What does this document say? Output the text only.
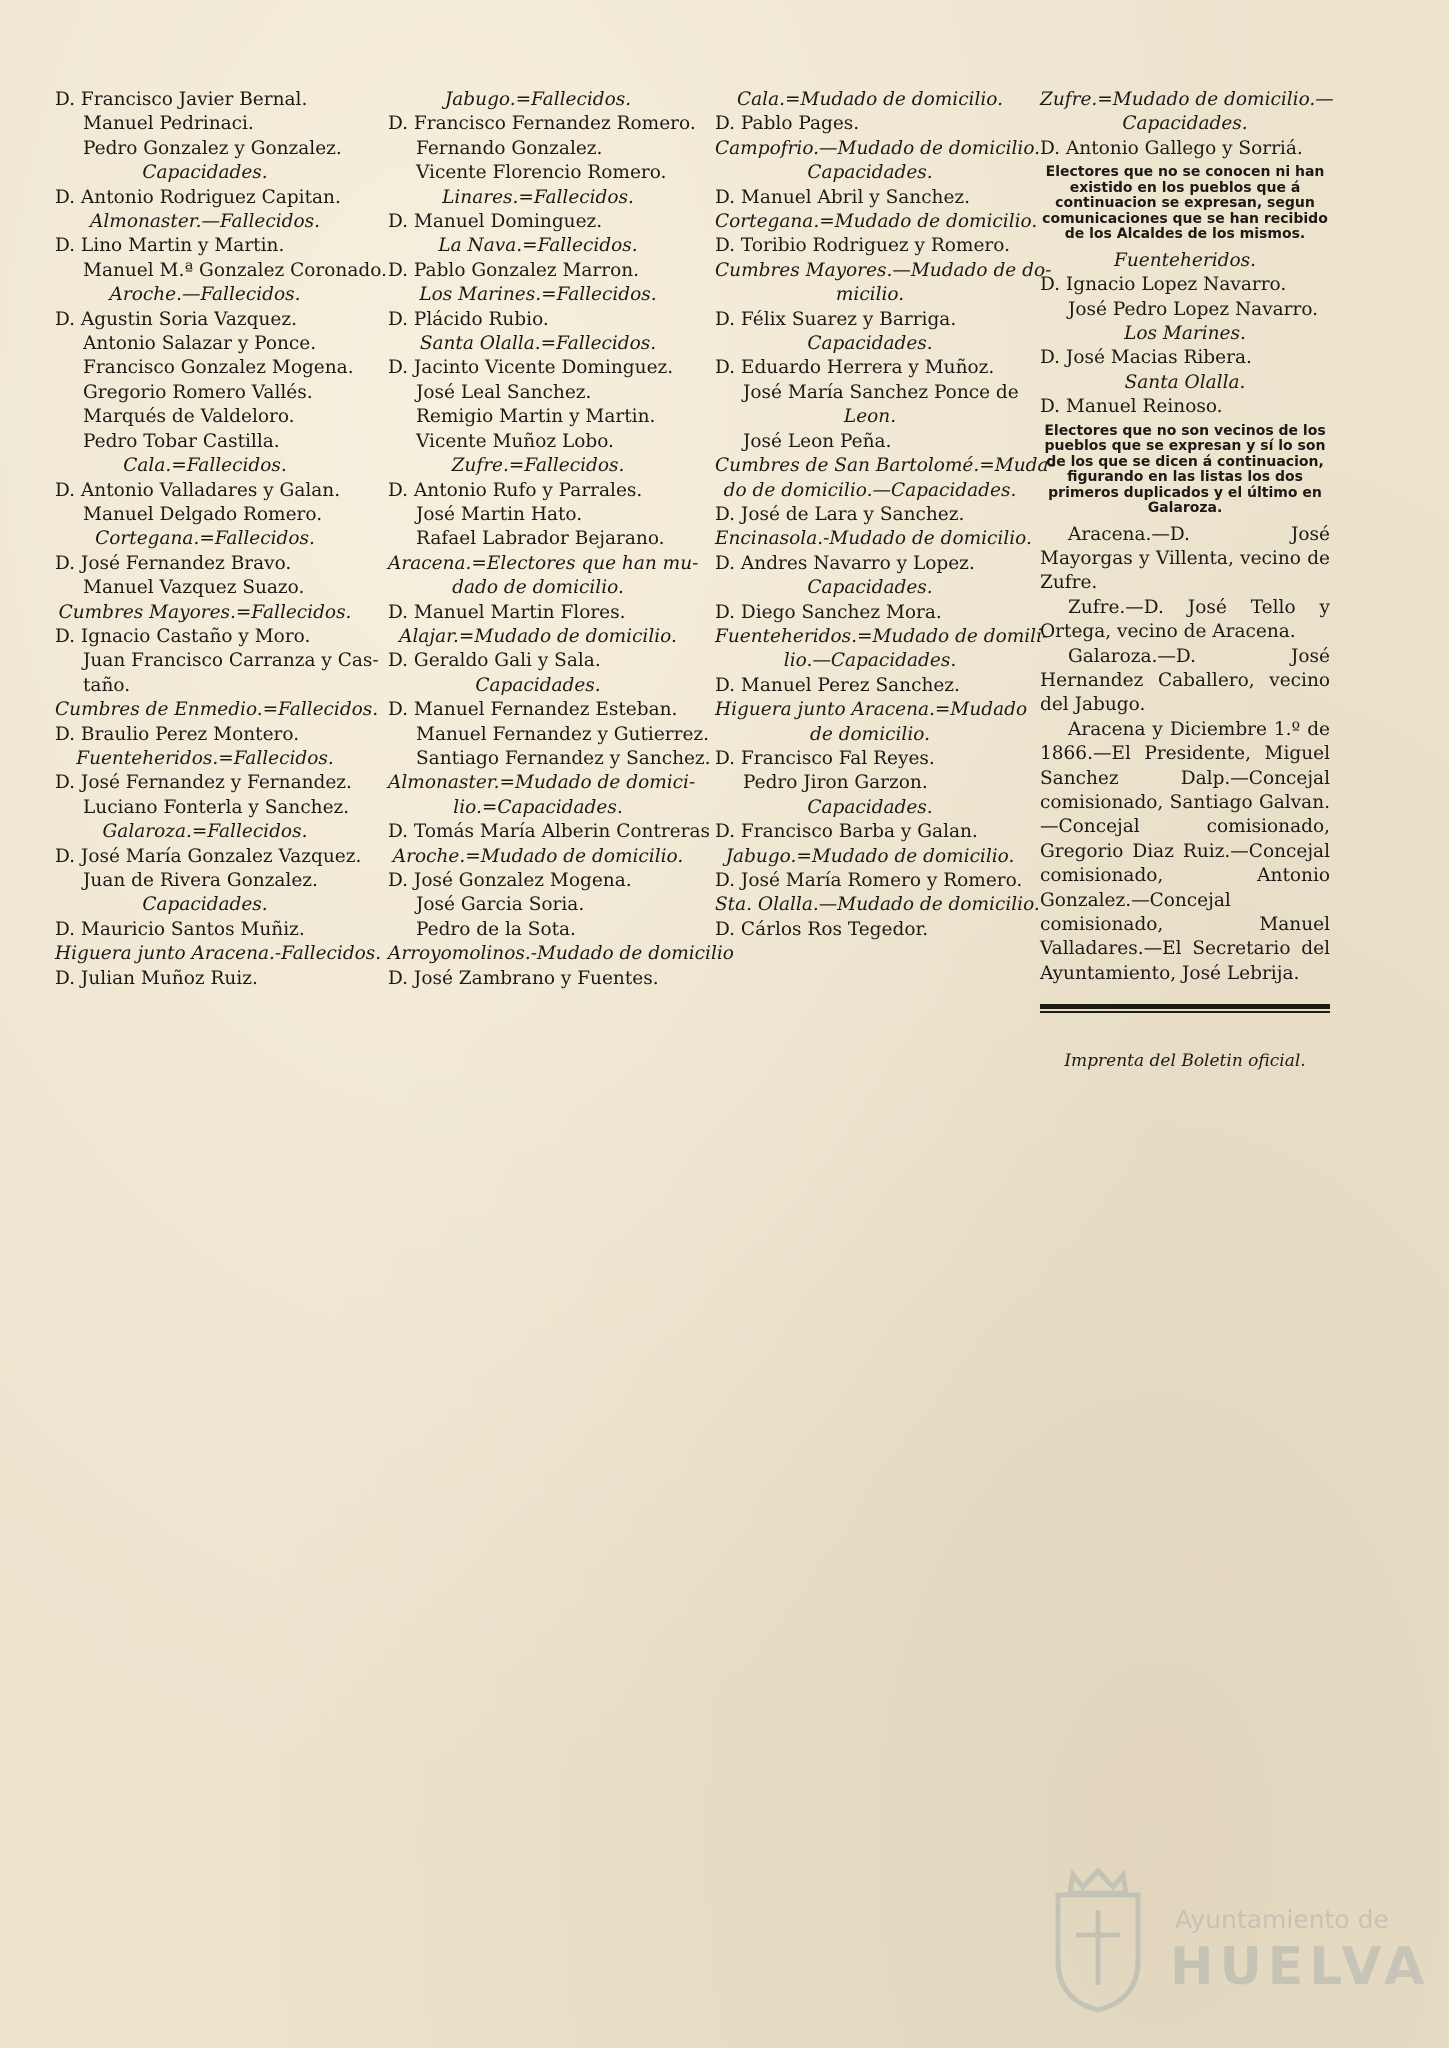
D. Francisco Javier Bernal.

Manuel Pedrinaci.

Pedro Gonzalez y Gonzalez.

Capacidades.

D. Antonio Rodriguez Capitan.

Almonaster.—Fallecidos.

D. Lino Martin y Martin.

Manuel M.ª Gonzalez Coronado.

Aroche.—Fallecidos.

D. Agustin Soria Vazquez.

Antonio Salazar y Ponce.

Francisco Gonzalez Mogena.

Gregorio Romero Vallés.

Marqués de Valdeloro.

Pedro Tobar Castilla.

Cala.=Fallecidos.

D. Antonio Valladares y Galan.

Manuel Delgado Romero.

Cortegana.=Fallecidos.

D. José Fernandez Bravo.

Manuel Vazquez Suazo.

Cumbres Mayores.=Fallecidos.

D. Ignacio Castaño y Moro.

Juan Francisco Carranza y Cas-

taño.

Cumbres de Enmedio.=Fallecidos.

D. Braulio Perez Montero.

Fuenteheridos.=Fallecidos.

D. José Fernandez y Fernandez.

Luciano Fonterla y Sanchez.

Galaroza.=Fallecidos.

D. José María Gonzalez Vazquez.

Juan de Rivera Gonzalez.

Capacidades.

D. Mauricio Santos Muñiz.

Higuera junto Aracena.-Fallecidos.

D. Julian Muñoz Ruiz.

Jabugo.=Fallecidos.

D. Francisco Fernandez Romero.

Fernando Gonzalez.

Vicente Florencio Romero.

Linares.=Fallecidos.

D. Manuel Dominguez.

La Nava.=Fallecidos.

D. Pablo Gonzalez Marron.

Los Marines.=Fallecidos.

D. Plácido Rubio.

Santa Olalla.=Fallecidos.

D. Jacinto Vicente Dominguez.

José Leal Sanchez.

Remigio Martin y Martin.

Vicente Muñoz Lobo.

Zufre.=Fallecidos.

D. Antonio Rufo y Parrales.

José Martin Hato.

Rafael Labrador Bejarano.

Aracena.=Electores que han mu-

dado de domicilio.

D. Manuel Martin Flores.

Alajar.=Mudado de domicilio.

D. Geraldo Gali y Sala.

Capacidades.

D. Manuel Fernandez Esteban.

Manuel Fernandez y Gutierrez.

Santiago Fernandez y Sanchez.

Almonaster.=Mudado de domici-

lio.=Capacidades.

D. Tomás María Alberin Contreras

Aroche.=Mudado de domicilio.

D. José Gonzalez Mogena.

José Garcia Soria.

Pedro de la Sota.

Arroyomolinos.-Mudado de domicilio

D. José Zambrano y Fuentes.

Cala.=Mudado de domicilio.

D. Pablo Pages.

Campofrio.—Mudado de domicilio.

Capacidades.

D. Manuel Abril y Sanchez.

Cortegana.=Mudado de domicilio.

D. Toribio Rodriguez y Romero.

Cumbres Mayores.—Mudado de do-

micilio.

D. Félix Suarez y Barriga.

Capacidades.

D. Eduardo Herrera y Muñoz.

José María Sanchez Ponce de

Leon.

José Leon Peña.

Cumbres de San Bartolomé.=Muda-

do de domicilio.—Capacidades.

D. José de Lara y Sanchez.

Encinasola.-Mudado de domicilio.

D. Andres Navarro y Lopez.

Capacidades.

D. Diego Sanchez Mora.

Fuenteheridos.=Mudado de domili-

lio.—Capacidades.

D. Manuel Perez Sanchez.

Higuera junto Aracena.=Mudado

de domicilio.

D. Francisco Fal Reyes.

Pedro Jiron Garzon.

Capacidades.

D. Francisco Barba y Galan.

Jabugo.=Mudado de domicilio.

D. José María Romero y Romero.

Sta. Olalla.—Mudado de domicilio.

D. Cárlos Ros Tegedor.

Zufre.=Mudado de domicilio.—

Capacidades.

D. Antonio Gallego y Sorriá.

Electores que no se conocen ni han existido en los pueblos que á continuacion se expresan, segun comunicaciones que se han recibido de los Alcaldes de los mismos.

Fuenteheridos.

D. Ignacio Lopez Navarro.

José Pedro Lopez Navarro.

Los Marines.

D. José Macias Ribera.

Santa Olalla.

D. Manuel Reinoso.

Electores que no son vecinos de los pueblos que se expresan y sí lo son de los que se dicen á continuacion, figurando en las listas los dos primeros duplicados y el último en Galaroza.

Aracena.—D. José Mayorgas y Villenta, vecino de Zufre.

Zufre.—D. José Tello y Ortega, vecino de Aracena.

Galaroza.—D. José Hernandez Caballero, vecino del Jabugo.

Aracena y Diciembre 1.º de 1866.—El Presidente, Miguel Sanchez Dalp.—Concejal comisionado, Santiago Galvan.—Concejal comisionado, Gregorio Diaz Ruiz.—Concejal comisionado, Antonio Gonzalez.—Concejal comisionado, Manuel Valladares.—El Secretario del Ayuntamiento, José Lebrija.

Imprenta del Boletin oficial.

Ayuntamiento de
HUELVA
